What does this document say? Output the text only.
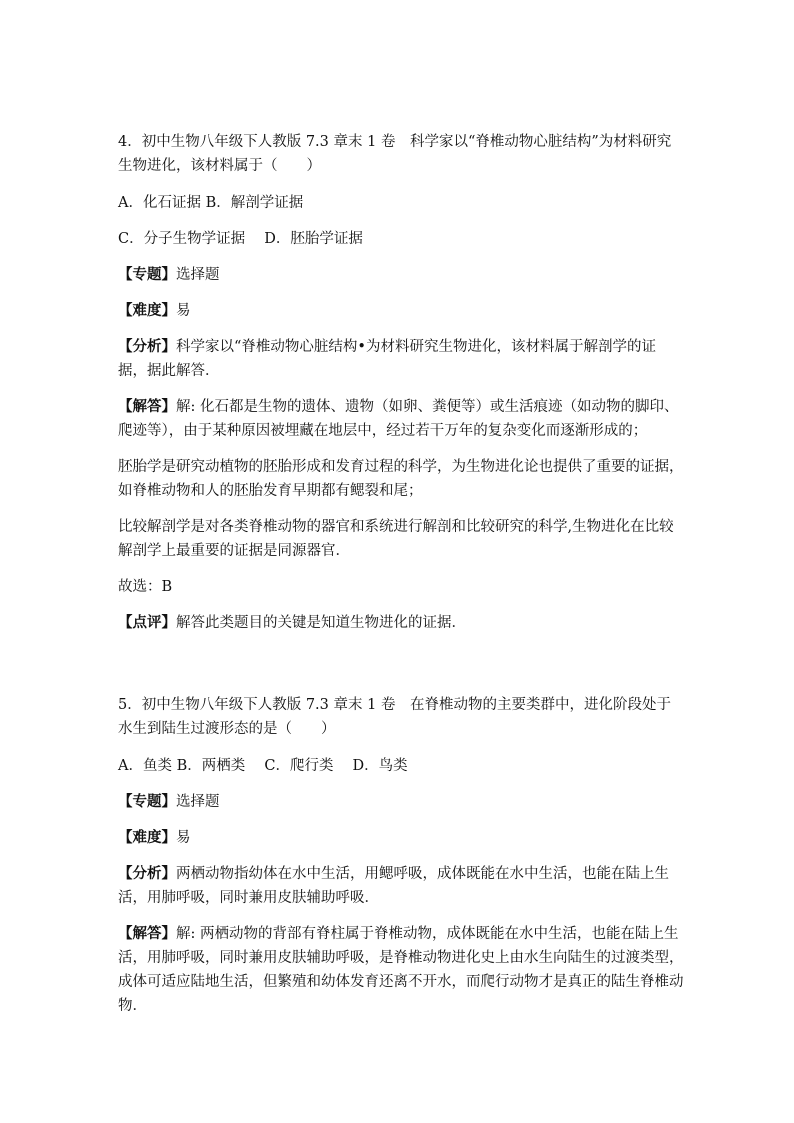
4．初中生物八年级下人教版 7.3 章末 1 卷　科学家以“脊椎动物心脏结构”为材料研究生物进化，该材料属于（　　）

A．化石证据 B．解剖学证据

C．分子生物学证据　 D．胚胎学证据

【专题】选择题

【难度】易

【分析】科学家以“脊椎动物心脏结构•为材料研究生物进化，该材料属于解剖学的证据，据此解答．

【解答】解: 化石都是生物的遗体、遗物（如卵、粪便等）或生活痕迹（如动物的脚印、爬迹等），由于某种原因被埋藏在地层中，经过若干万年的复杂变化而逐渐形成的；

胚胎学是研究动植物的胚胎形成和发育过程的科学，为生物进化论也提供了重要的证据，如脊椎动物和人的胚胎发育早期都有鳃裂和尾；

比较解剖学是对各类脊椎动物的器官和系统进行解剖和比较研究的科学,生物进化在比较解剖学上最重要的证据是同源器官．

故选：B

【点评】解答此类题目的关键是知道生物进化的证据．

5．初中生物八年级下人教版 7.3 章末 1 卷　在脊椎动物的主要类群中，进化阶段处于水生到陆生过渡形态的是（　　）

A．鱼类 B．两栖类　 C．爬行类　 D．鸟类

【专题】选择题

【难度】易

【分析】两栖动物指幼体在水中生活，用鳃呼吸，成体既能在水中生活，也能在陆上生活，用肺呼吸，同时兼用皮肤辅助呼吸．

【解答】解: 两栖动物的背部有脊柱属于脊椎动物，成体既能在水中生活，也能在陆上生活，用肺呼吸，同时兼用皮肤辅助呼吸，是脊椎动物进化史上由水生向陆生的过渡类型，成体可适应陆地生活，但繁殖和幼体发育还离不开水，而爬行动物才是真正的陆生脊椎动物．
